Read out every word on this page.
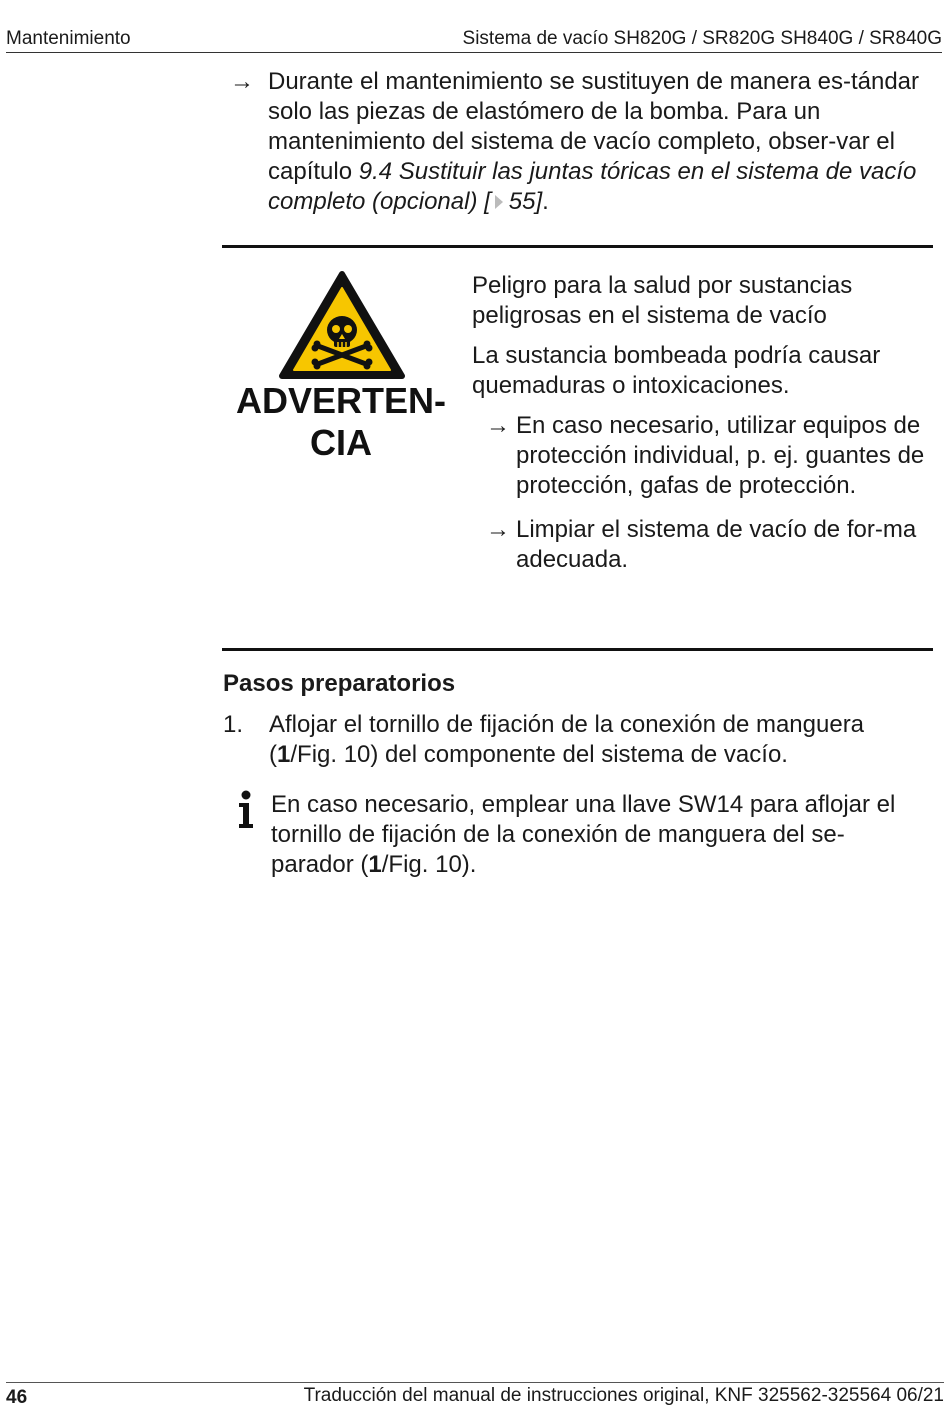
Mantenimiento	Sistema de vacío SH820G / SR820G SH840G / SR840G
→ Durante el mantenimiento se sustituyen de manera es-tándar solo las piezas de elastómero de la bomba. Para un mantenimiento del sistema de vacío completo, obser-var el capítulo 9.4 Sustituir las juntas tóricas en el sistema de vacío completo (opcional) [ 55].
ADVERTEN-CIA

Peligro para la salud por sustancias peligrosas en el sistema de vacío

La sustancia bombeada podría causar quemaduras o intoxicaciones.

→ En caso necesario, utilizar equipos de protección individual, p. ej. guantes de protección, gafas de protección.
→ Limpiar el sistema de vacío de for-ma adecuada.
Pasos preparatorios
1. Aflojar el tornillo de fijación de la conexión de manguera (1/Fig. 10) del componente del sistema de vacío.
En caso necesario, emplear una llave SW14 para aflojar el tornillo de fijación de la conexión de manguera del se-parador (1/Fig. 10).
46	Traducción del manual de instrucciones original, KNF 325562-325564 06/21
